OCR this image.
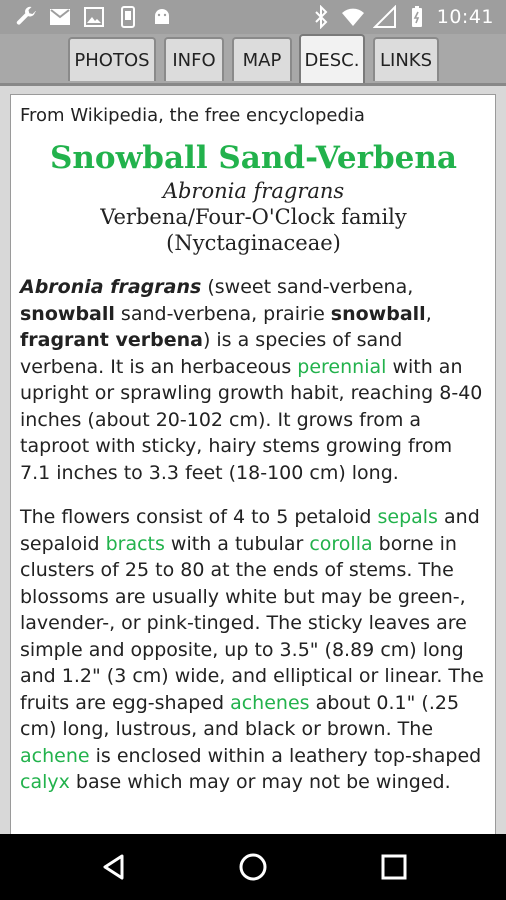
10:41
PHOTOS	INFO	MAP	DESC.	LINKS
From Wikipedia, the free encyclopedia
Snowball Sand-Verbena
Abronia fragrans
Verbena/Four-O'Clock family
(Nyctaginaceae)

Abronia fragrans (sweet sand-verbena, snowball sand-verbena, prairie snowball, fragrant verbena) is a species of sand verbena. It is an herbaceous perennial with an upright or sprawling growth habit, reaching 8-40 inches (about 20-102 cm). It grows from a taproot with sticky, hairy stems growing from 7.1 inches to 3.3 feet (18-100 cm) long.

The flowers consist of 4 to 5 petaloid sepals and sepaloid bracts with a tubular corolla borne in clusters of 25 to 80 at the ends of stems. The blossoms are usually white but may be green-, lavender-, or pink-tinged. The sticky leaves are simple and opposite, up to 3.5" (8.89 cm) long and 1.2" (3 cm) wide, and elliptical or linear. The fruits are egg-shaped achenes about 0.1" (.25 cm) long, lustrous, and black or brown. The achene is enclosed within a leathery top-shaped calyx base which may or may not be winged.
